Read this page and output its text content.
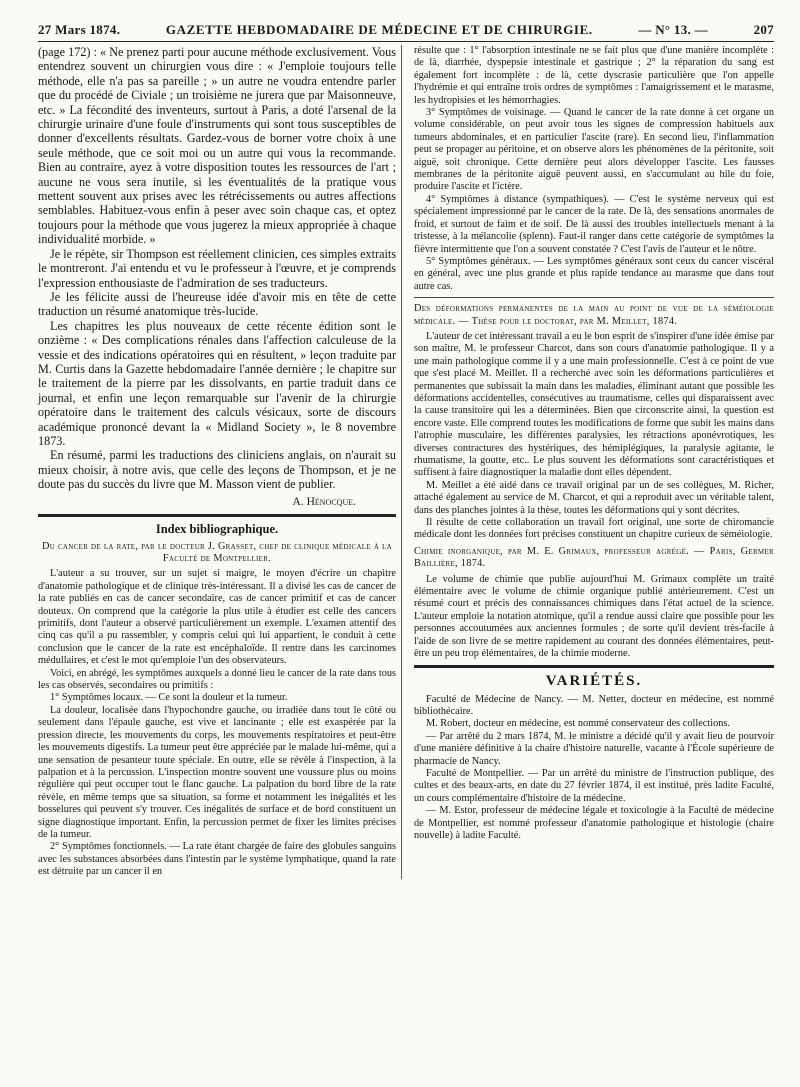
27 Mars 1874.	GAZETTE HEBDOMADAIRE DE MÉDECINE ET DE CHIRURGIE.	— N° 13. —	207

(page 172) : « Ne prenez parti pour aucune méthode exclusivement. Vous entendrez souvent un chirurgien vous dire : « J'emploie toujours telle méthode, elle n'a pas sa pareille ; » un autre ne voudra entendre parler que du procédé de Civiale ; un troisième ne jurera que par Maisonneuve, etc. » La fécondité des inventeurs, surtout à Paris, a doté l'arsenal de la chirurgie urinaire d'une foule d'instruments qui sont tous susceptibles de donner d'excellents résultats. Gardez-vous de borner votre choix à une seule méthode, que ce soit moi ou un autre qui vous la recommande. Bien au contraire, ayez à votre disposition toutes les ressources de l'art ; aucune ne vous sera inutile, si les éventualités de la pratique vous mettent souvent aux prises avec les rétrécissements ou autres affections semblables. Habituez-vous enfin à peser avec soin chaque cas, et optez toujours pour la méthode que vous jugerez la mieux appropriée à chaque individualité morbide. »

Je le répète, sir Thompson est réellement clinicien, ces simples extraits le montreront. J'ai entendu et vu le professeur à l'œuvre, et je comprends l'expression enthousiaste de l'admiration de ses traducteurs.

Je les félicite aussi de l'heureuse idée d'avoir mis en tête de cette traduction un résumé anatomique très-lucide.

Les chapitres les plus nouveaux de cette récente édition sont le onzième : « Des complications rénales dans l'affection calculeuse de la vessie et des indications opératoires qui en résultent, » leçon traduite par M. Curtis dans la Gazette hebdomadaire l'année dernière ; le chapitre sur le traitement de la pierre par les dissolvants, en partie traduit dans ce journal, et enfin une leçon remarquable sur l'avenir de la chirurgie opératoire dans le traitement des calculs vésicaux, sorte de discours académique prononcé devant la « Midland Society », le 8 novembre 1873.

En résumé, parmi les traductions des cliniciens anglais, on n'aurait su mieux choisir, à notre avis, que celle des leçons de Thompson, et je ne doute pas du succès du livre que M. Masson vient de publier.

A. Hénocque.
Index bibliographique.
Du cancer de la rate, par le docteur J. Grasset, chef de clinique médicale à la Faculté de Montpellier.

L'auteur a su trouver, sur un sujet si maigre, le moyen d'écrire un chapitre d'anatomie pathologique et de clinique très-intéressant. Il a divisé les cas de cancer de la rate publiés en cas de cancer secondaire, cas de cancer primitif et cas de cancer douteux. On comprend que la catégorie la plus utile à étudier est celle des cancers primitifs, dont l'auteur a observé particulièrement un exemple. L'examen attentif des cinq cas qu'il a pu rassembler, y compris celui qui lui appartient, le conduit à cette conclusion que le cancer de la rate est encéphaloïde. Il rentre dans les carcinomes médullaires, et c'est le mot qu'emploie l'un des observateurs.

Voici, en abrégé, les symptômes auxquels a donné lieu le cancer de la rate dans tous les cas observés, secondaires ou primitifs :

1° Symptômes locaux. — Ce sont la douleur et la tumeur.

La douleur, localisée dans l'hypochondre gauche, ou irradiée dans tout le côté ou seulement dans l'épaule gauche, est vive et lancinante ; elle est exaspérée par la pression directe, les mouvements du corps, les mouvements respiratoires et peut-être les mouvements digestifs. La tumeur peut être appréciée par le malade lui-même, qui a une sensation de pesanteur toute spéciale. En outre, elle se révèle à l'inspection, à la palpation et à la percussion. L'inspection montre souvent une voussure plus ou moins régulière qui peut occuper tout le flanc gauche. La palpation du bord libre de la rate révèle, en même temps que sa situation, sa forme et notamment les inégalités et les bosselures qui peuvent s'y trouver. Ces inégalités de surface et de bord constituent un signe diagnostique important. Enfin, la percussion permet de fixer les limites précises de la tumeur.

2° Symptômes fonctionnels. — La rate étant chargée de faire des globules sanguins avec les substances absorbées dans l'intestin par le système lymphatique, quand la rate est détruite par un cancer il en

résulte que : 1° l'absorption intestinale ne se fait plus que d'une manière incomplète : de là, diarrhée, dyspepsie intestinale et gastrique ; 2° la réparation du sang est également fort incomplète : de là, cette dyscrasie particulière que l'on appelle l'hydrémie et qui entraîne trois ordres de symptômes : l'amaigrissement et le marasme, les hydropisies et les hémorrhagies.

3° Symptômes de voisinage. — Quand le cancer de la rate donne à cet organe un volume considérable, on peut avoir tous les signes de compression habituels aux tumeurs abdominales, et en particulier l'ascite (rare). En second lieu, l'inflammation peut se propager au péritoine, et on observe alors les phénomènes de la péritonite, soit aiguë, soit chronique. Cette dernière peut alors développer l'ascite. Les fausses membranes de la péritonite aiguë peuvent aussi, en s'accumulant au hile du foie, produire l'ascite et l'ictère.

4° Symptômes à distance (sympathiques). — C'est le système nerveux qui est spécialement impressionné par le cancer de la rate. De là, des sensations anormales de froid, et surtout de faim et de soif. De là aussi des troubles intellectuels menant à la tristesse, à la mélancolie (splenn). Faut-il ranger dans cette catégorie de symptômes la fièvre intermittente que l'on a souvent constatée ? C'est l'avis de l'auteur et le nôtre.

5° Symptômes généraux. — Les symptômes généraux sont ceux du cancer viscéral en général, avec une plus grande et plus rapide tendance au marasme que dans tout autre cas.

Des déformations permanentes de la main au point de vue de la séméiologie médicale. — Thèse pour le doctorat, par M. Meillet, 1874.

L'auteur de cet intéressant travail a eu le bon esprit de s'inspirer d'une idée émise par son maître, M. le professeur Charcot, dans son cours d'anatomie pathologique. Il y a une main pathologique comme il y a une main professionnelle. C'est à ce point de vue que s'est placé M. Meillet. Il a recherché avec soin les déformations particulières et permanentes que subissait la main dans les maladies, éliminant autant que possible les déformations accidentelles, consécutives au traumatisme, celles qui disparaissent avec la cause transitoire qui les a déterminées. Bien que circonscrite ainsi, la question est encore vaste. Elle comprend toutes les modifications de forme que subit les mains dans l'atrophie musculaire, les différentes paralysies, les rétractions aponévrotiques, les diverses contractures des hystériques, des hémiplégiques, la paralysie agitante, le rhumatisme, la goutte, etc.. Le plus souvent les déformations sont caractéristiques et suffisent à faire diagnostiquer la maladie dont elles dépendent.

M. Meillet a été aidé dans ce travail original par un de ses collègues, M. Richer, attaché également au service de M. Charcot, et qui a reproduit avec un véritable talent, dans des planches jointes à la thèse, toutes les déformations qui y sont décrites.

Il résulte de cette collaboration un travail fort original, une sorte de chiromancie médicale dont les données fort précises constituent un chapitre curieux de séméiologie.

Chimie inorganique, par M. E. Grimaux, professeur agrégé. — Paris, Germer Baillière, 1874.

Le volume de chimie que publie aujourd'hui M. Grimaux complète un traité élémentaire avec le volume de chimie organique publié antérieurement. C'est un résumé court et précis des connaissances chimiques dans l'état actuel de la science. L'auteur emploie la notation atomique, qu'il a rendue aussi claire que possible pour les personnes accoutumées aux anciennes formules ; de sorte qu'il devient très-facile à l'aide de son livre de se mettre rapidement au courant des données élémentaires, peut-être un peu trop élémentaires, de la chimie moderne.

VARIÉTÉS.

Faculté de Médecine de Nancy. — M. Netter, docteur en médecine, est nommé bibliothécaire.

M. Robert, docteur en médecine, est nommé conservateur des collections.

— Par arrêté du 2 mars 1874, M. le ministre a décidé qu'il y avait lieu de pourvoir d'une manière définitive à la chaire d'histoire naturelle, vacante à l'École supérieure de pharmacie de Nancy.

Faculté de Montpellier. — Par un arrêté du ministre de l'instruction publique, des cultes et des beaux-arts, en date du 27 février 1874, il est institué, près ladite Faculté, un cours complémentaire d'histoire de la médecine.

— M. Estor, professeur de médecine légale et toxicologie à la Faculté de médecine de Montpellier, est nommé professeur d'anatomie pathologique et histologie (chaire nouvelle) à ladite Faculté.
